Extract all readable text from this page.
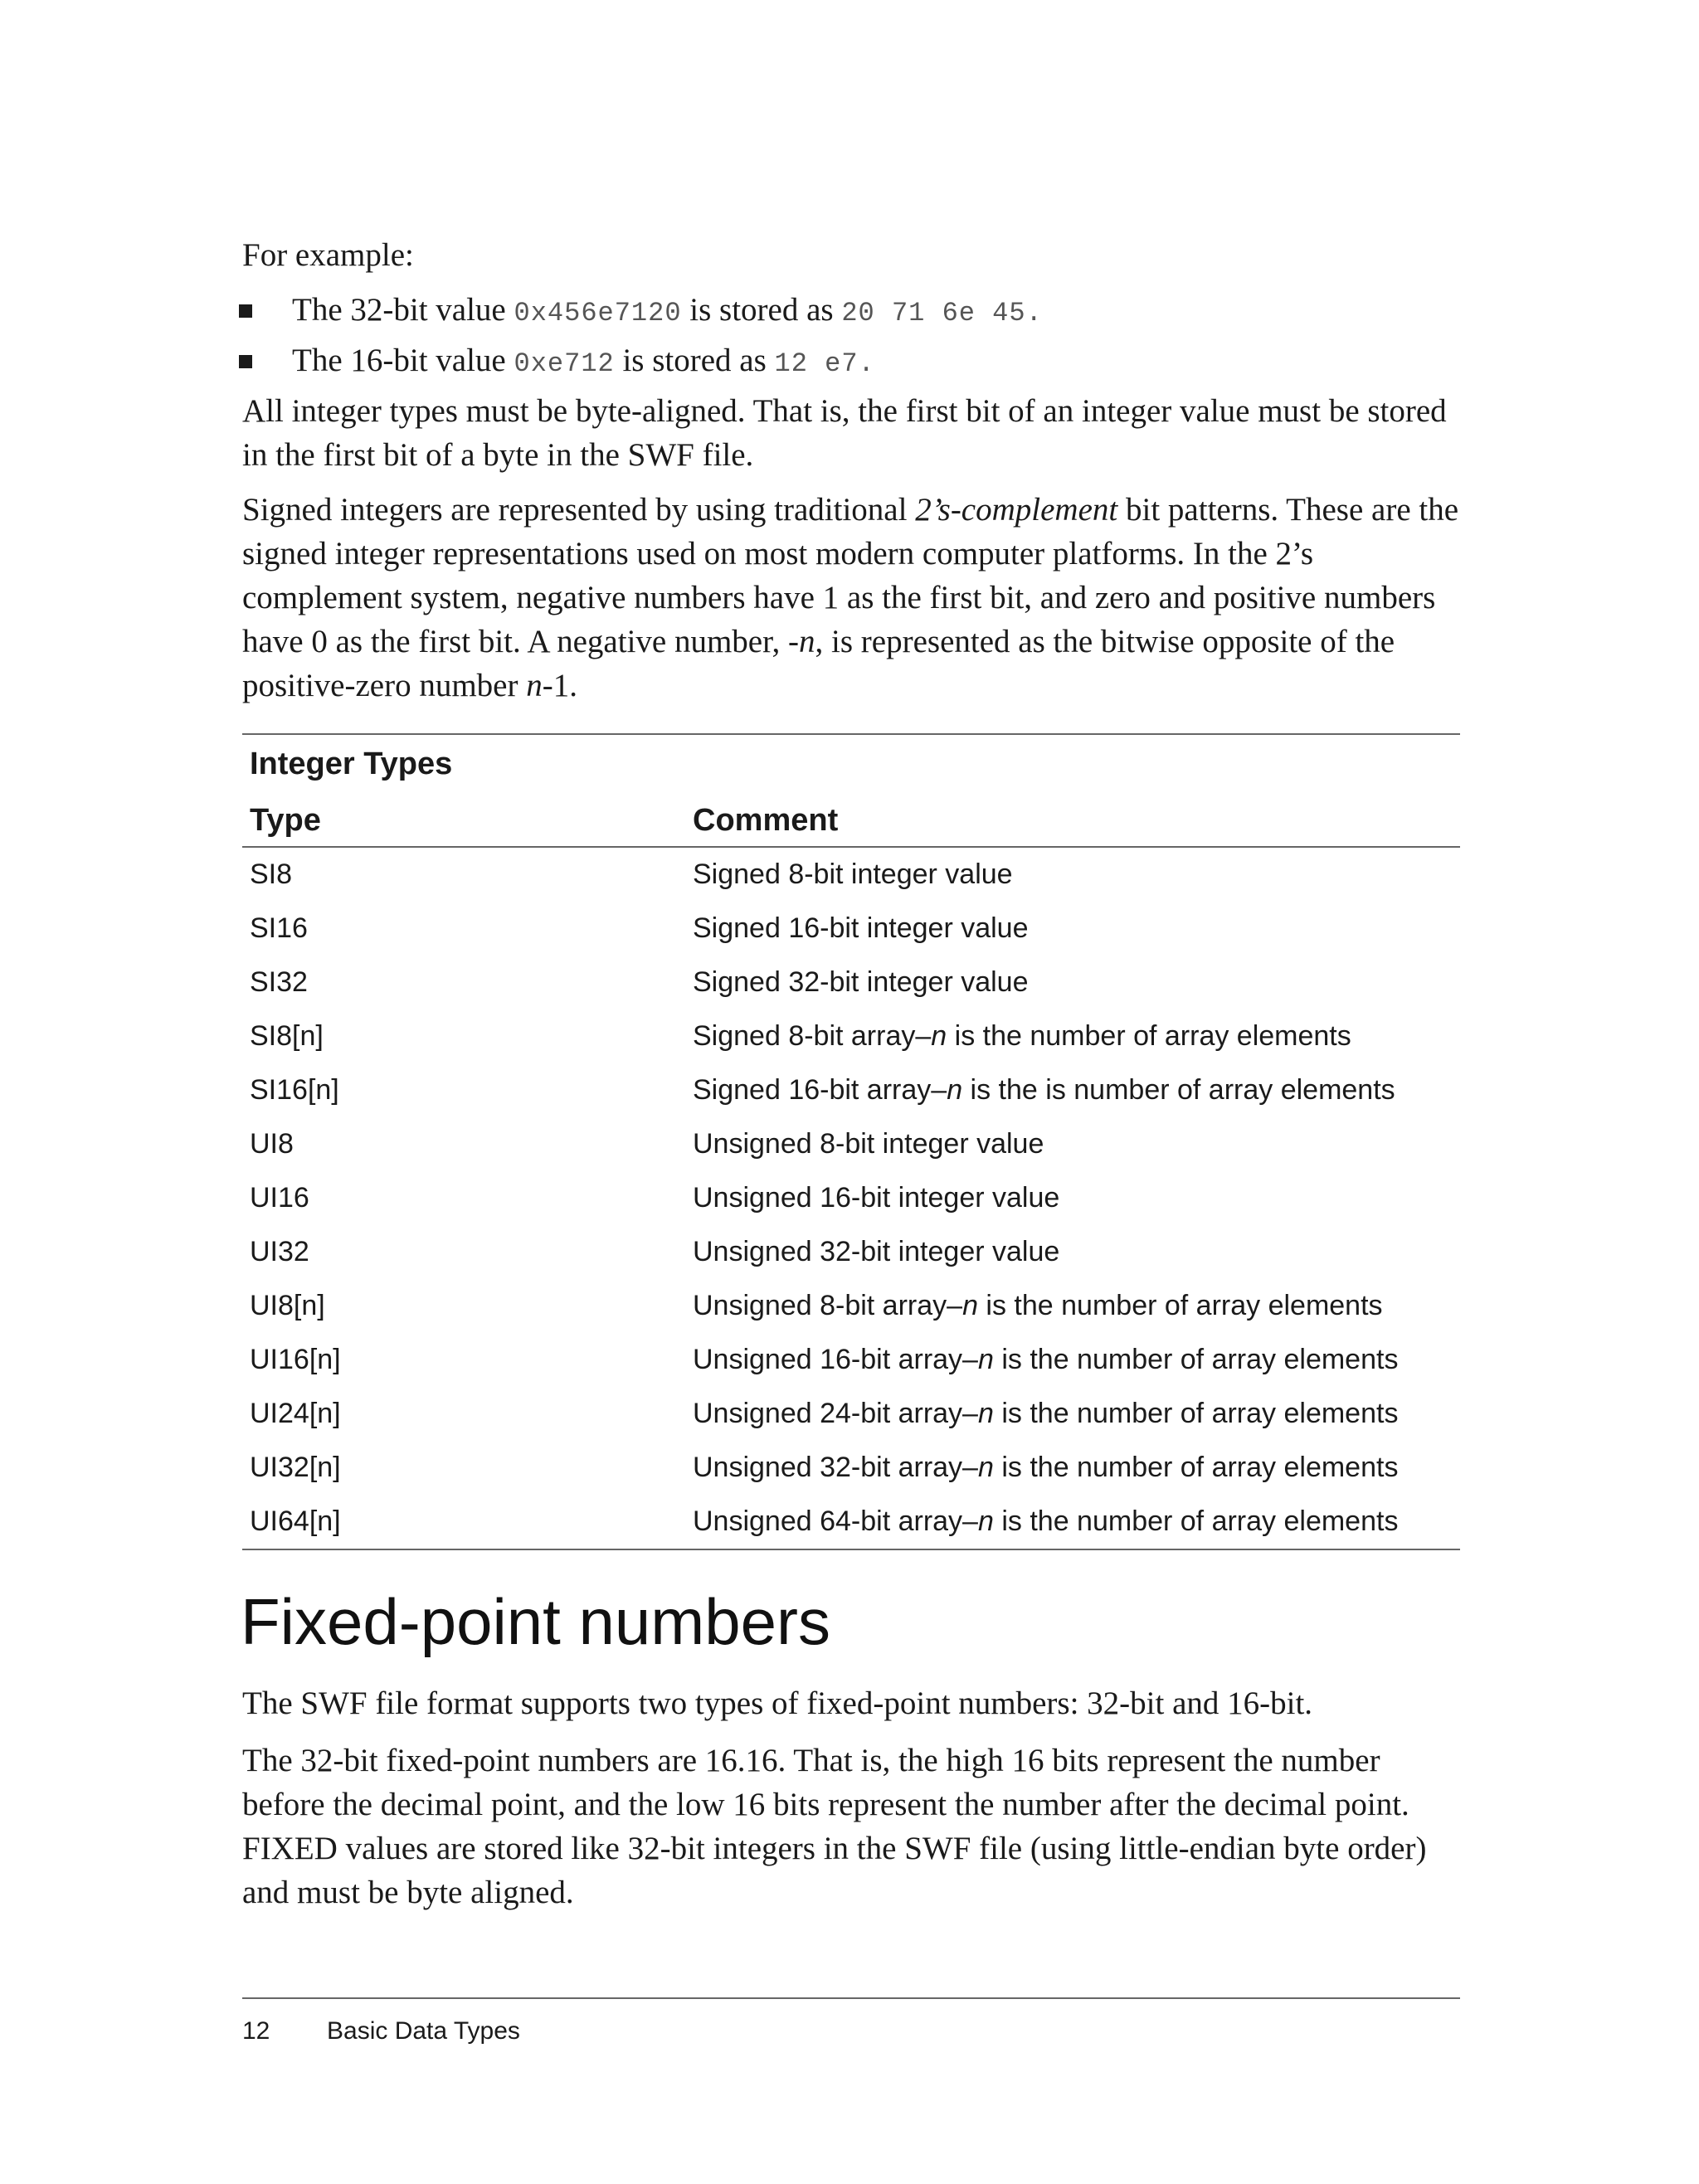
For example:
The 32-bit value 0x456e7120 is stored as 20 71 6e 45.
The 16-bit value 0xe712 is stored as 12 e7.

All integer types must be byte-aligned. That is, the first bit of an integer value must be stored in the first bit of a byte in the SWF file.

Signed integers are represented by using traditional 2’s-complement bit patterns. These are the signed integer representations used on most modern computer platforms. In the 2’s complement system, negative numbers have 1 as the first bit, and zero and positive numbers have 0 as the first bit. A negative number, -n, is represented as the bitwise opposite of the positive-zero number n-1.

Integer Types
Type	Comment
SI8	Signed 8-bit integer value
SI16	Signed 16-bit integer value
SI32	Signed 32-bit integer value
SI8[n]	Signed 8-bit array–n is the number of array elements
SI16[n]	Signed 16-bit array–n is the is number of array elements
UI8	Unsigned 8-bit integer value
UI16	Unsigned 16-bit integer value
UI32	Unsigned 32-bit integer value
UI8[n]	Unsigned 8-bit array–n is the number of array elements
UI16[n]	Unsigned 16-bit array–n is the number of array elements
UI24[n]	Unsigned 24-bit array–n is the number of array elements
UI32[n]	Unsigned 32-bit array–n is the number of array elements
UI64[n]	Unsigned 64-bit array–n is the number of array elements
Fixed-point numbers

The SWF file format supports two types of fixed-point numbers: 32-bit and 16-bit.

The 32-bit fixed-point numbers are 16.16. That is, the high 16 bits represent the number before the decimal point, and the low 16 bits represent the number after the decimal point. FIXED values are stored like 32-bit integers in the SWF file (using little-endian byte order) and must be byte aligned.

12 Basic Data Types
